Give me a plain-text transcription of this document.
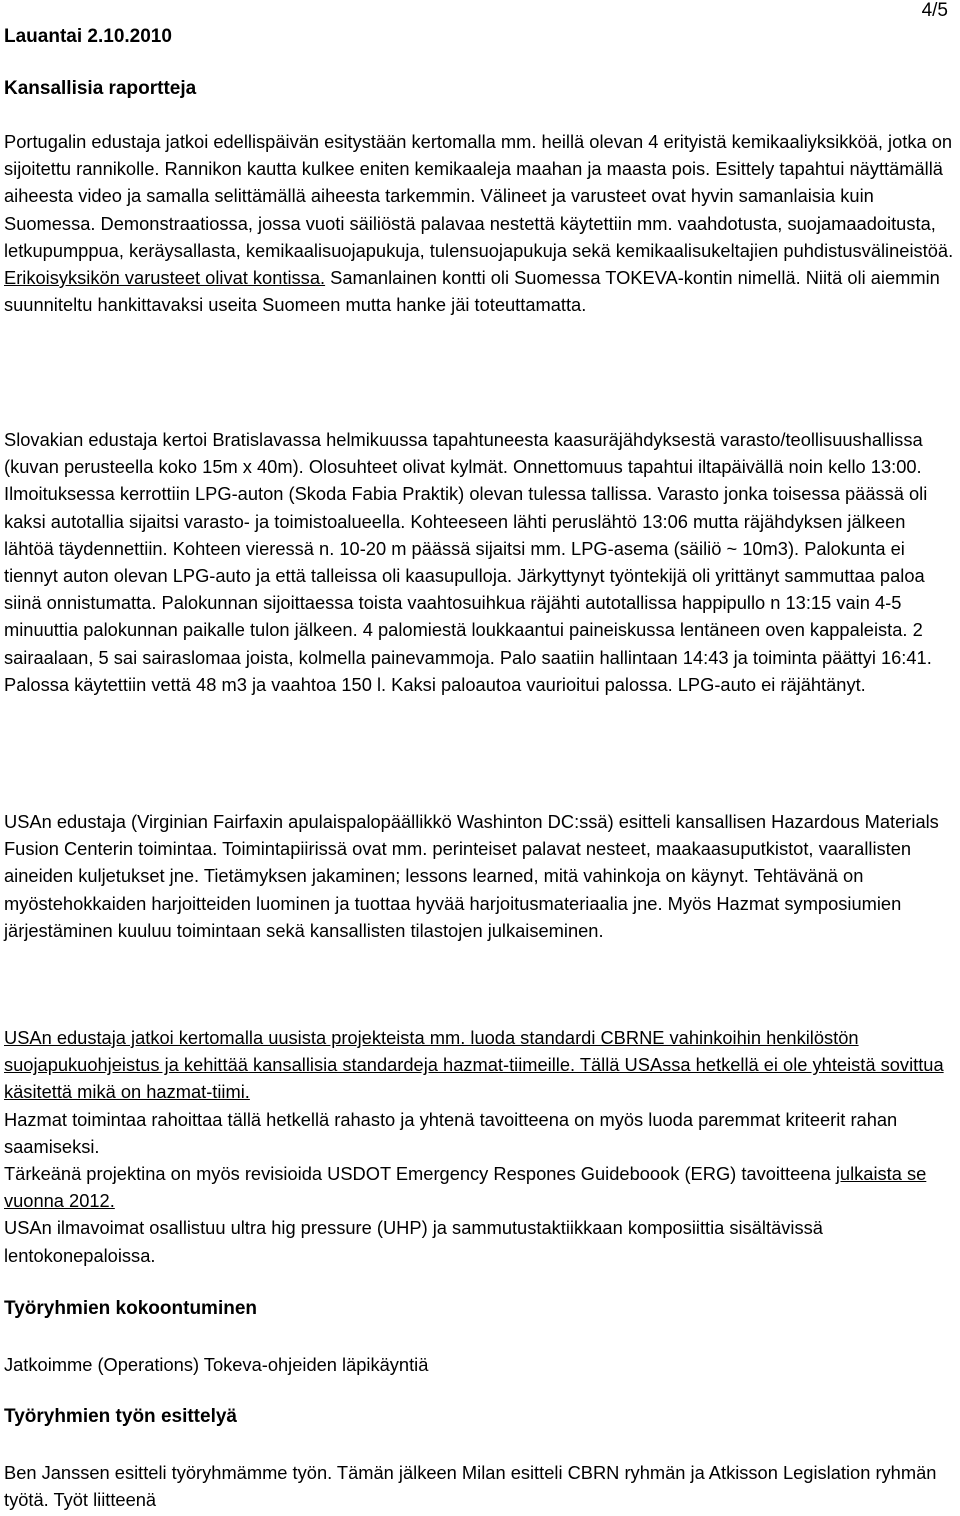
4/5
Lauantai 2.10.2010
Kansallisia raportteja
Portugalin edustaja jatkoi edellispäivän esitystään kertomalla mm. heillä olevan 4 erityistä kemikaaliyksikköä, jotka on sijoitettu rannikolle. Rannikon kautta kulkee eniten kemikaaleja maahan ja maasta pois. Esittely tapahtui näyttämällä aiheesta video ja samalla selittämällä aiheesta tarkemmin. Välineet ja varusteet ovat hyvin samanlaisia kuin Suomessa. Demonstraatiossa, jossa vuoti säiliöstä palavaa nestettä käytettiin mm. vaahdotusta, suojamaadoitusta, letkupumppua, keräysallasta, kemikaalisuojapukuja, tulensuojapukuja sekä kemikaalisukeltajien puhdistusvälineistöä. Erikoisyksikön varusteet olivat kontissa. Samanlainen kontti oli Suomessa TOKEVA-kontin nimellä. Niitä oli aiemmin suunniteltu hankittavaksi useita Suomeen mutta hanke jäi toteuttamatta.
Slovakian edustaja kertoi Bratislavassa helmikuussa tapahtuneesta kaasuräjähdyksestä varasto/teollisuushallissa (kuvan perusteella koko 15m x 40m). Olosuhteet olivat kylmät. Onnettomuus tapahtui iltapäivällä noin kello 13:00. Ilmoituksessa kerrottiin LPG-auton (Skoda Fabia Praktik) olevan tulessa tallissa. Varasto jonka toisessa päässä oli kaksi autotallia sijaitsi varasto- ja toimistoalueella. Kohteeseen lähti peruslähtö 13:06 mutta räjähdyksen jälkeen lähtöä täydennettiin. Kohteen vieressä n. 10-20 m päässä sijaitsi mm. LPG-asema (säiliö ~ 10m3). Palokunta ei tiennyt auton olevan LPG-auto ja että talleissa oli kaasupulloja. Järkyttynyt työntekijä oli yrittänyt sammuttaa paloa siinä onnistumatta. Palokunnan sijoittaessa toista vaahtosuihkua räjähti autotallissa happipullo n 13:15 vain 4-5 minuuttia palokunnan paikalle tulon jälkeen. 4 palomiestä loukkaantui paineiskussa lentäneen oven kappaleista. 2 sairaalaan, 5 sai sairaslomaa joista, kolmella painevammoja. Palo saatiin hallintaan 14:43 ja toiminta päättyi 16:41. Palossa käytettiin vettä 48 m3 ja vaahtoa 150 l. Kaksi paloautoa vaurioitui palossa. LPG-auto ei räjähtänyt.
USAn edustaja (Virginian Fairfaxin apulaispalopäällikkö Washinton DC:ssä) esitteli kansallisen Hazardous Materials Fusion Centerin toimintaa. Toimintapiirissä ovat mm. perinteiset palavat nesteet, maakaasuputkistot, vaarallisten aineiden kuljetukset jne. Tietämyksen jakaminen; lessons learned, mitä vahinkoja on käynyt. Tehtävänä on myöstehokkaiden harjoitteiden luominen ja tuottaa hyvää harjoitusmateriaalia jne. Myös Hazmat symposiumien järjestäminen kuuluu toimintaan sekä kansallisten tilastojen julkaiseminen.
USAn edustaja jatkoi kertomalla uusista projekteista mm. luoda standardi CBRNE vahinkoihin henkilöstön suojapukuohjeistus ja kehittää kansallisia standardeja hazmat-tiimeille. Tällä USAssa hetkellä ei ole yhteistä sovittua käsitettä mikä on hazmat-tiimi.

Hazmat toimintaa rahoittaa tällä hetkellä rahasto ja yhtenä tavoitteena on myös luoda paremmat kriteerit rahan saamiseksi.

Tärkeänä projektina on myös revisioida USDOT Emergency Respones Guideboook (ERG) tavoitteena julkaista se vuonna 2012.

USAn ilmavoimat osallistuu ultra hig pressure (UHP) ja sammutustaktiikkaan komposiittia sisältävissä lentokonepaloissa.

Työryhmien kokoontuminen
Jatkoimme (Operations) Tokeva-ohjeiden läpikäyntiä
Työryhmien työn esittelyä
Ben Janssen esitteli työryhmämme työn. Tämän jälkeen Milan esitteli CBRN ryhmän ja Atkisson Legislation ryhmän työtä. Työt liitteenä
